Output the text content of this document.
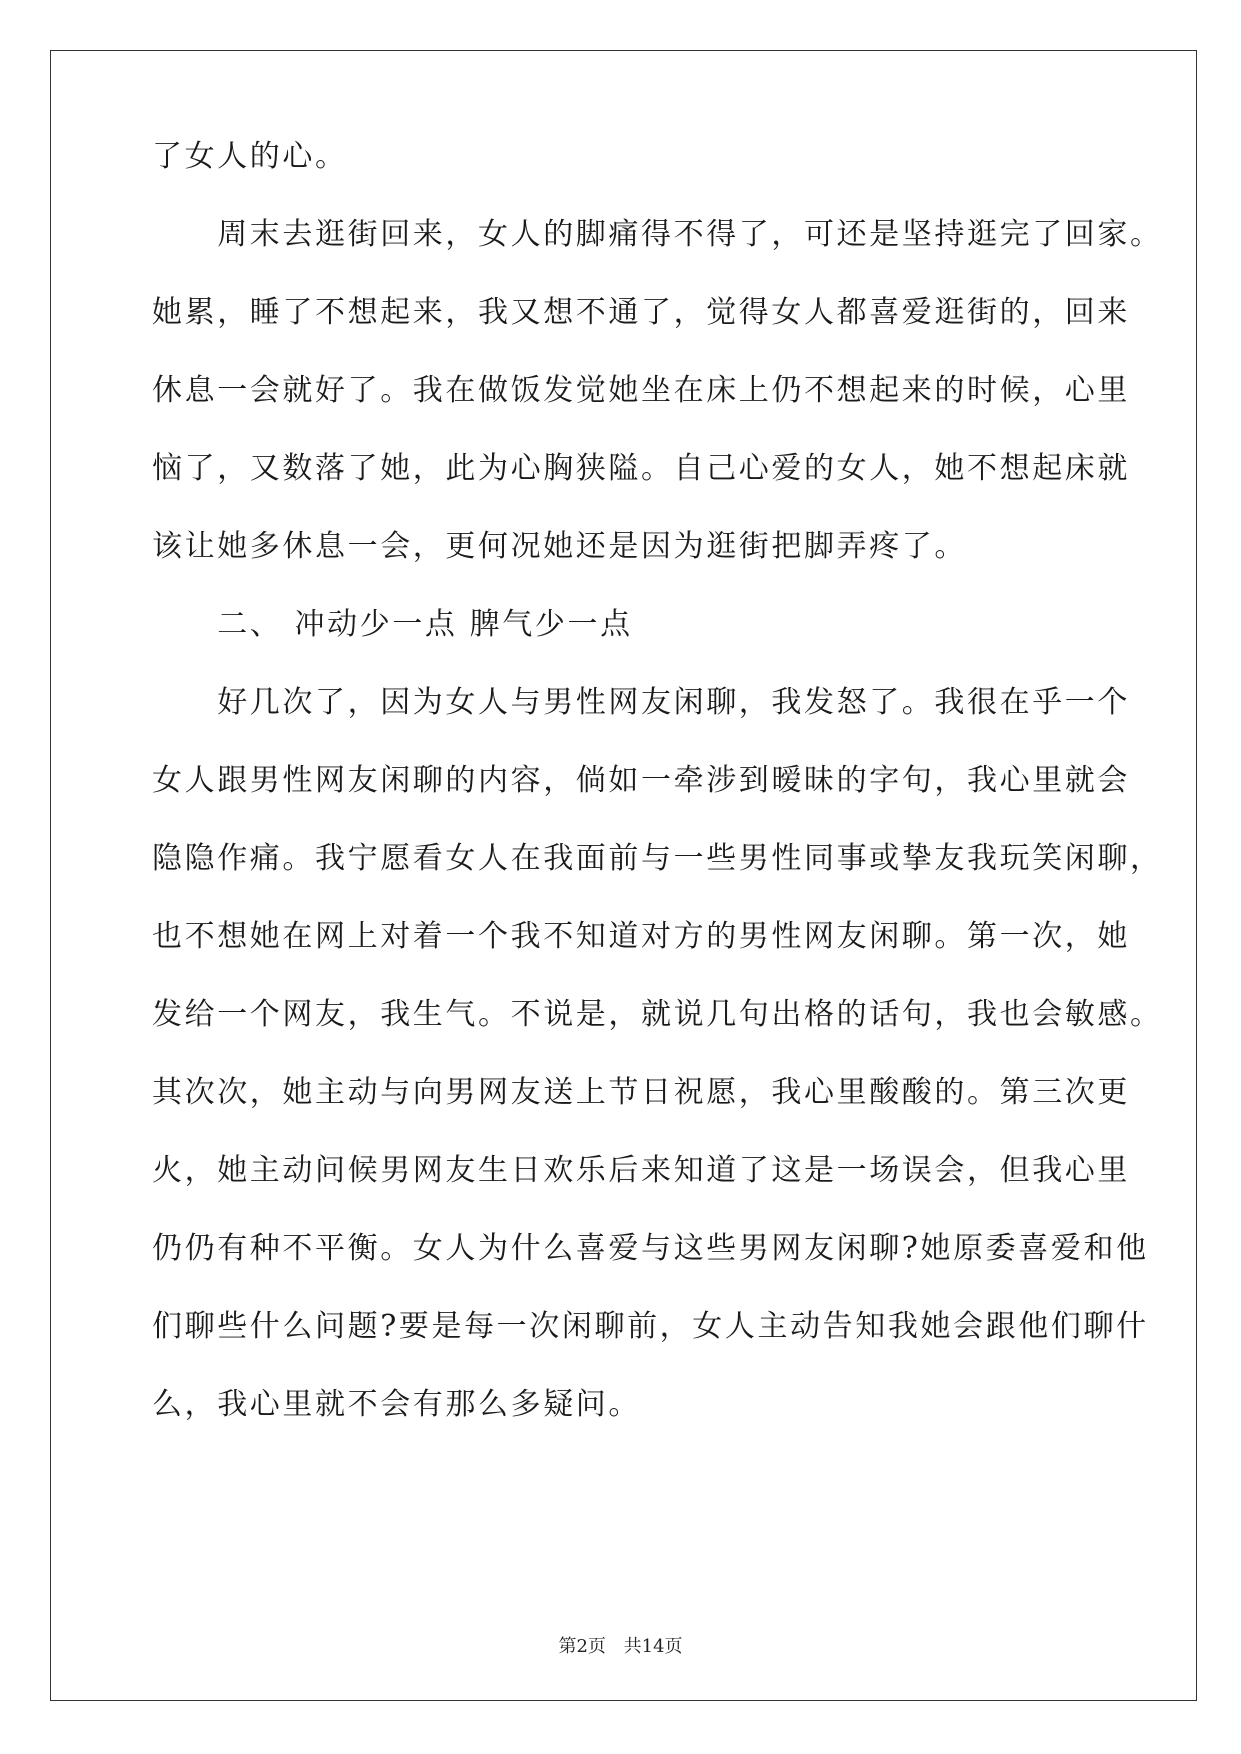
了女人的心。
　　周末去逛街回来，女人的脚痛得不得了，可还是坚持逛完了回家。
她累，睡了不想起来，我又想不通了，觉得女人都喜爱逛街的，回来
休息一会就好了。我在做饭发觉她坐在床上仍不想起来的时候，心里
恼了，又数落了她，此为心胸狭隘。自己心爱的女人，她不想起床就
该让她多休息一会，更何况她还是因为逛街把脚弄疼了。
　　二、 冲动少一点 脾气少一点
　　好几次了，因为女人与男性网友闲聊，我发怒了。我很在乎一个
女人跟男性网友闲聊的内容，倘如一牵涉到暧昧的字句，我心里就会
隐隐作痛。我宁愿看女人在我面前与一些男性同事或挚友我玩笑闲聊，
也不想她在网上对着一个我不知道对方的男性网友闲聊。第一次，她
发给一个网友，我生气。不说是，就说几句出格的话句，我也会敏感。
其次次，她主动与向男网友送上节日祝愿，我心里酸酸的。第三次更
火，她主动问候男网友生日欢乐后来知道了这是一场误会，但我心里
仍仍有种不平衡。女人为什么喜爱与这些男网友闲聊?她原委喜爱和他
们聊些什么问题?要是每一次闲聊前，女人主动告知我她会跟他们聊什
么，我心里就不会有那么多疑问。
第2页 共14页
